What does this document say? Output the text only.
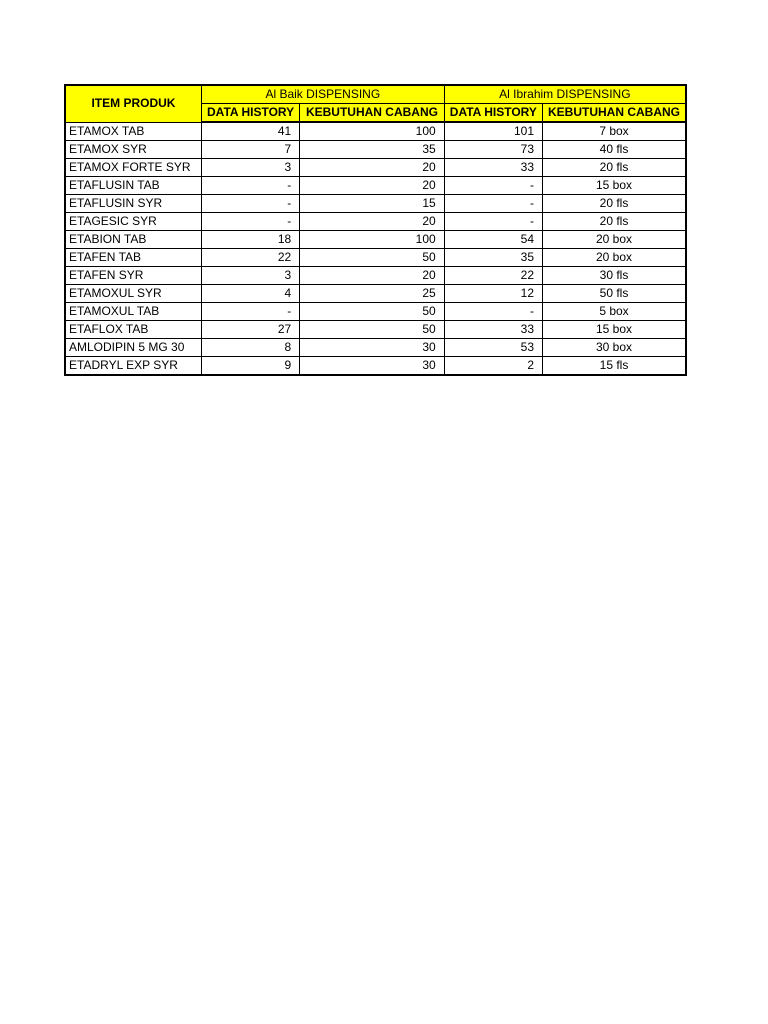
ITEM PRODUK	Al Baik DISPENSING		Al Ibrahim DISPENSING	
	DATA HISTORY	KEBUTUHAN CABANG	DATA HISTORY	KEBUTUHAN CABANG
ETAMOX TAB	41	100	101	7 box
ETAMOX SYR	7	35	73	40 fls
ETAMOX FORTE SYR	3	20	33	20 fls
ETAFLUSIN TAB	-	20	-	15 box
ETAFLUSIN SYR	-	15	-	20 fls
ETAGESIC SYR	-	20	-	20 fls
ETABION TAB	18	100	54	20 box
ETAFEN TAB	22	50	35	20 box
ETAFEN SYR	3	20	22	30 fls
ETAMOXUL SYR	4	25	12	50 fls
ETAMOXUL TAB	-	50	-	5 box
ETAFLOX TAB	27	50	33	15 box
AMLODIPIN 5 MG 30	8	30	53	30 box
ETADRYL EXP SYR	9	30	2	15 fls
